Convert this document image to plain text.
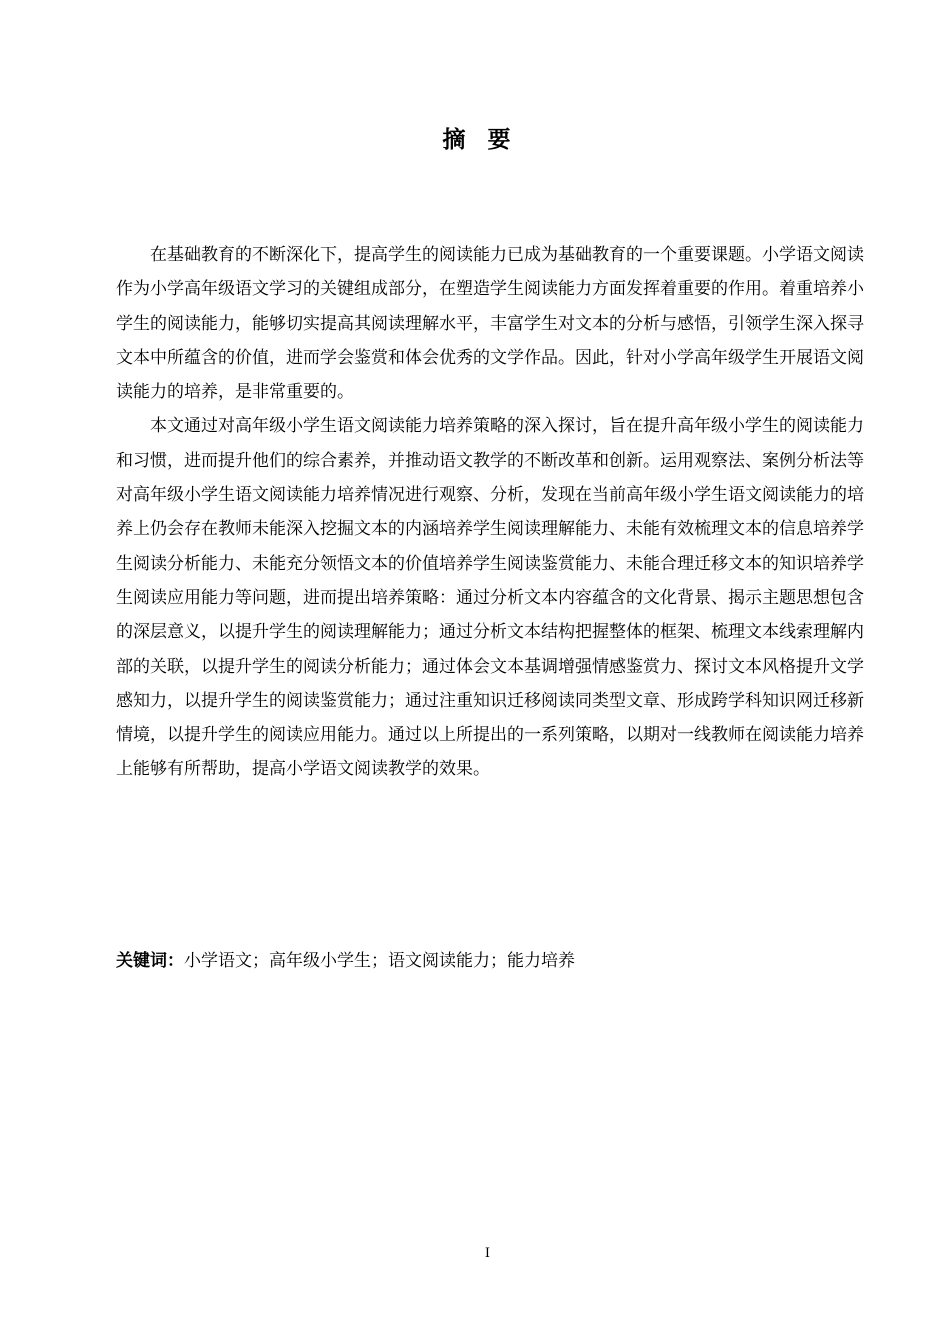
摘要

在基础教育的不断深化下，提高学生的阅读能力已成为基础教育的一个重要课题。小学语文阅读作为小学高年级语文学习的关键组成部分，在塑造学生阅读能力方面发挥着重要的作用。着重培养小学生的阅读能力，能够切实提高其阅读理解水平，丰富学生对文本的分析与感悟，引领学生深入探寻文本中所蕴含的价值，进而学会鉴赏和体会优秀的文学作品。因此，针对小学高年级学生开展语文阅读能力的培养，是非常重要的。

本文通过对高年级小学生语文阅读能力培养策略的深入探讨，旨在提升高年级小学生的阅读能力和习惯，进而提升他们的综合素养，并推动语文教学的不断改革和创新。运用观察法、案例分析法等对高年级小学生语文阅读能力培养情况进行观察、分析，发现在当前高年级小学生语文阅读能力的培养上仍会存在教师未能深入挖掘文本的内涵培养学生阅读理解能力、未能有效梳理文本的信息培养学生阅读分析能力、未能充分领悟文本的价值培养学生阅读鉴赏能力、未能合理迁移文本的知识培养学生阅读应用能力等问题，进而提出培养策略：通过分析文本内容蕴含的文化背景、揭示主题思想包含的深层意义，以提升学生的阅读理解能力；通过分析文本结构把握整体的框架、梳理文本线索理解内部的关联，以提升学生的阅读分析能力；通过体会文本基调增强情感鉴赏力、探讨文本风格提升文学感知力，以提升学生的阅读鉴赏能力；通过注重知识迁移阅读同类型文章、形成跨学科知识网迁移新情境，以提升学生的阅读应用能力。通过以上所提出的一系列策略，以期对一线教师在阅读能力培养上能够有所帮助，提高小学语文阅读教学的效果。

关键词：小学语文；高年级小学生；语文阅读能力；能力培养
I
